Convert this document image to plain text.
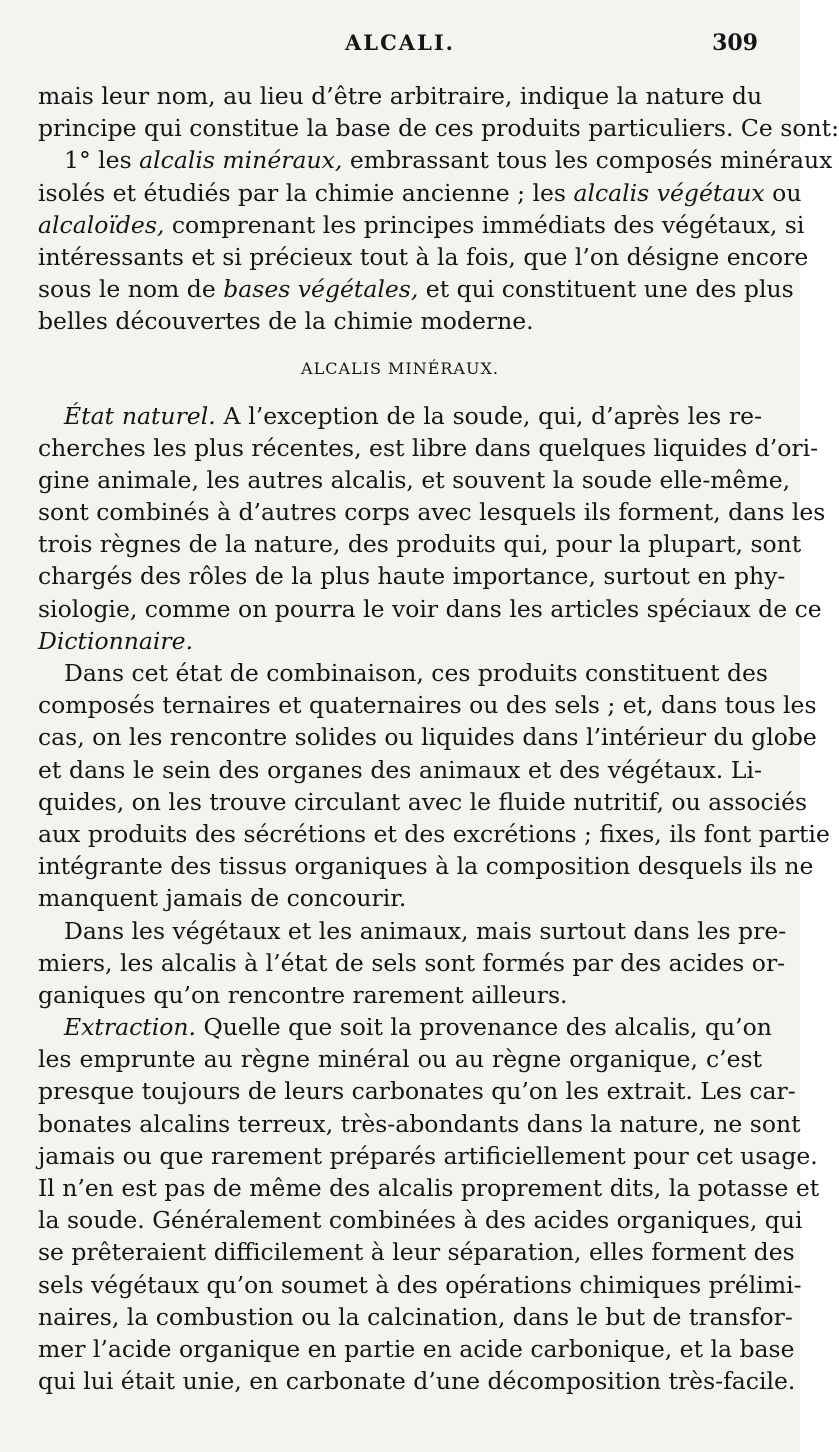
ALCALI.	309
mais leur nom, au lieu d’être arbitraire, indique la nature du
principe qui constitue la base de ces produits particuliers. Ce sont:
1° les alcalis minéraux, embrassant tous les composés minéraux
isolés et étudiés par la chimie ancienne ; les alcalis végétaux ou
alcaloïdes, comprenant les principes immédiats des végétaux, si
intéressants et si précieux tout à la fois, que l’on désigne encore
sous le nom de bases végétales, et qui constituent une des plus
belles découvertes de la chimie moderne.
ALCALIS MINÉRAUX.
État naturel. A l’exception de la soude, qui, d’après les re-
cherches les plus récentes, est libre dans quelques liquides d’ori-
gine animale, les autres alcalis, et souvent la soude elle-même,
sont combinés à d’autres corps avec lesquels ils forment, dans les
trois règnes de la nature, des produits qui, pour la plupart, sont
chargés des rôles de la plus haute importance, surtout en phy-
siologie, comme on pourra le voir dans les articles spéciaux de ce
Dictionnaire.
Dans cet état de combinaison, ces produits constituent des
composés ternaires et quaternaires ou des sels ; et, dans tous les
cas, on les rencontre solides ou liquides dans l’intérieur du globe
et dans le sein des organes des animaux et des végétaux. Li-
quides, on les trouve circulant avec le fluide nutritif, ou associés
aux produits des sécrétions et des excrétions ; fixes, ils font partie
intégrante des tissus organiques à la composition desquels ils ne
manquent jamais de concourir.
Dans les végétaux et les animaux, mais surtout dans les pre-
miers, les alcalis à l’état de sels sont formés par des acides or-
ganiques qu’on rencontre rarement ailleurs.
Extraction. Quelle que soit la provenance des alcalis, qu’on
les emprunte au règne minéral ou au règne organique, c’est
presque toujours de leurs carbonates qu’on les extrait. Les car-
bonates alcalins terreux, très-abondants dans la nature, ne sont
jamais ou que rarement préparés artificiellement pour cet usage.
Il n’en est pas de même des alcalis proprement dits, la potasse et
la soude. Généralement combinées à des acides organiques, qui
se prêteraient difficilement à leur séparation, elles forment des
sels végétaux qu’on soumet à des opérations chimiques prélimi-
naires, la combustion ou la calcination, dans le but de transfor-
mer l’acide organique en partie en acide carbonique, et la base
qui lui était unie, en carbonate d’une décomposition très-facile.
